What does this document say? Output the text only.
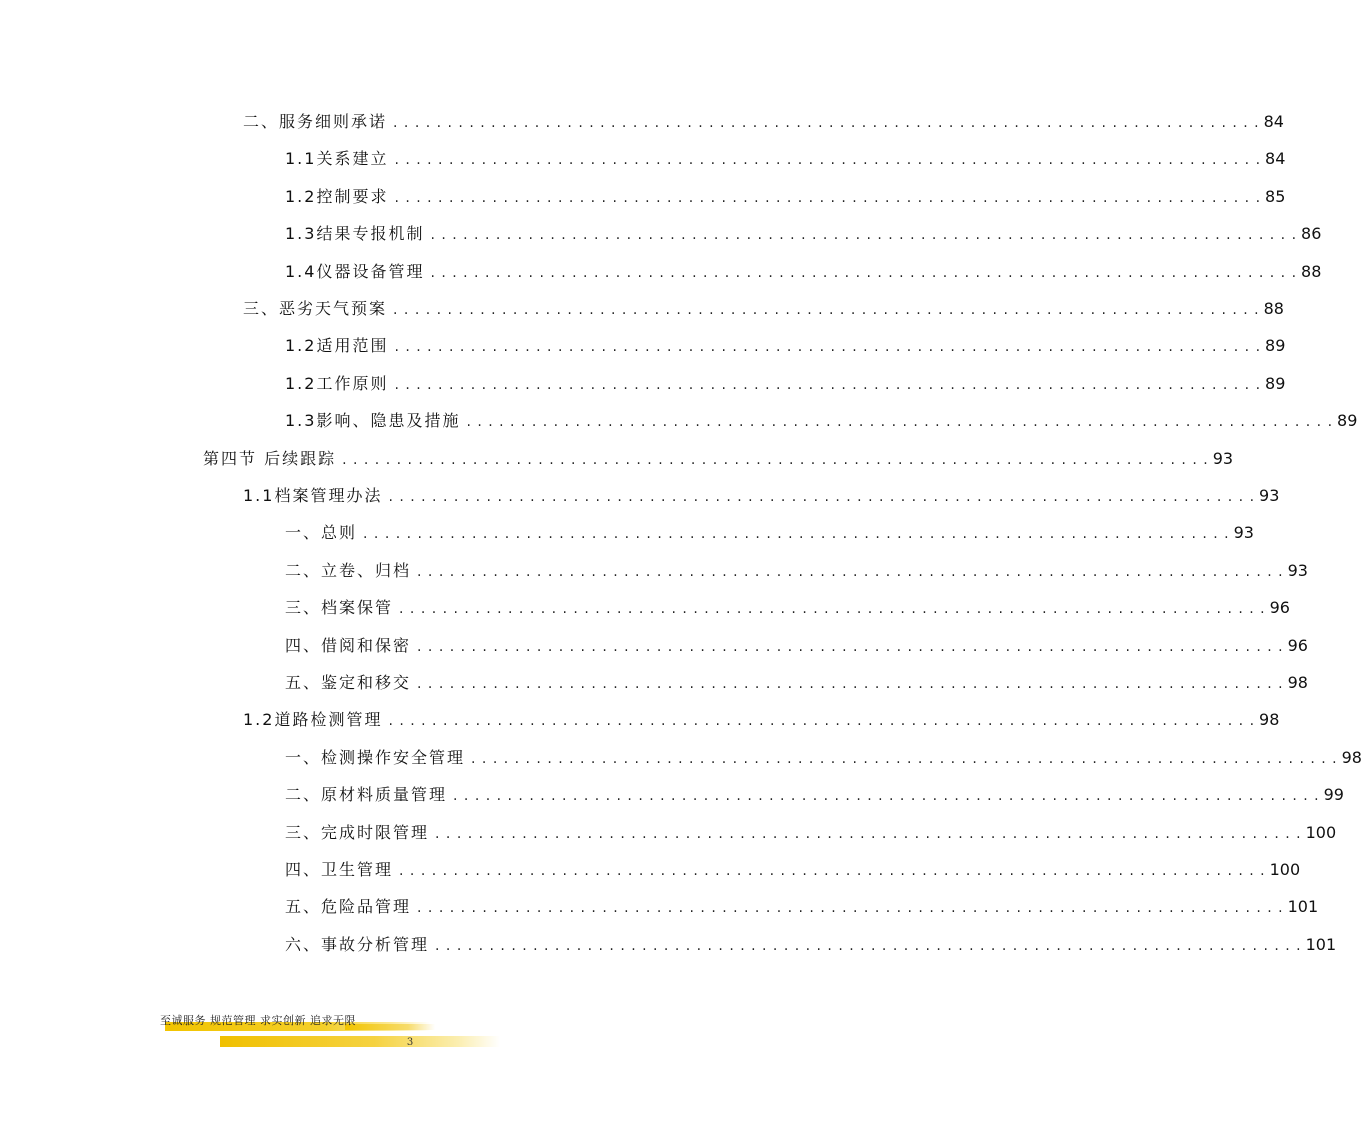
二、服务细则承诺 . . . . . . . . . . . . . . . . . . . . . . . . . . . . . . . . . . . . . . . . . . . . . . . . . . . . . . . . . . . . . . . . . . . . . . . . . . . . . . . . 84
1.1关系建立 . . . . . . . . . . . . . . . . . . . . . . . . . . . . . . . . . . . . . . . . . . . . . . . . . . . . . . . . . . . . . . . . . . . . . . . . . . . . . . . . 84
1.2控制要求 . . . . . . . . . . . . . . . . . . . . . . . . . . . . . . . . . . . . . . . . . . . . . . . . . . . . . . . . . . . . . . . . . . . . . . . . . . . . . . . . 85
1.3结果专报机制 . . . . . . . . . . . . . . . . . . . . . . . . . . . . . . . . . . . . . . . . . . . . . . . . . . . . . . . . . . . . . . . . . . . . . . . . . . . . . . . . 86
1.4仪器设备管理 . . . . . . . . . . . . . . . . . . . . . . . . . . . . . . . . . . . . . . . . . . . . . . . . . . . . . . . . . . . . . . . . . . . . . . . . . . . . . . . . 88
三、恶劣天气预案 . . . . . . . . . . . . . . . . . . . . . . . . . . . . . . . . . . . . . . . . . . . . . . . . . . . . . . . . . . . . . . . . . . . . . . . . . . . . . . . . 88
1.2适用范围 . . . . . . . . . . . . . . . . . . . . . . . . . . . . . . . . . . . . . . . . . . . . . . . . . . . . . . . . . . . . . . . . . . . . . . . . . . . . . . . . 89
1.2工作原则 . . . . . . . . . . . . . . . . . . . . . . . . . . . . . . . . . . . . . . . . . . . . . . . . . . . . . . . . . . . . . . . . . . . . . . . . . . . . . . . . 89
1.3影响、隐患及措施 . . . . . . . . . . . . . . . . . . . . . . . . . . . . . . . . . . . . . . . . . . . . . . . . . . . . . . . . . . . . . . . . . . . . . . . . . . . . . . . . 89
第四节 后续跟踪 . . . . . . . . . . . . . . . . . . . . . . . . . . . . . . . . . . . . . . . . . . . . . . . . . . . . . . . . . . . . . . . . . . . . . . . . . . . . . . . . 93
1.1档案管理办法 . . . . . . . . . . . . . . . . . . . . . . . . . . . . . . . . . . . . . . . . . . . . . . . . . . . . . . . . . . . . . . . . . . . . . . . . . . . . . . . . 93
一、总则 . . . . . . . . . . . . . . . . . . . . . . . . . . . . . . . . . . . . . . . . . . . . . . . . . . . . . . . . . . . . . . . . . . . . . . . . . . . . . . . . 93
二、立卷、归档 . . . . . . . . . . . . . . . . . . . . . . . . . . . . . . . . . . . . . . . . . . . . . . . . . . . . . . . . . . . . . . . . . . . . . . . . . . . . . . . . 93
三、档案保管 . . . . . . . . . . . . . . . . . . . . . . . . . . . . . . . . . . . . . . . . . . . . . . . . . . . . . . . . . . . . . . . . . . . . . . . . . . . . . . . . 96
四、借阅和保密 . . . . . . . . . . . . . . . . . . . . . . . . . . . . . . . . . . . . . . . . . . . . . . . . . . . . . . . . . . . . . . . . . . . . . . . . . . . . . . . . 96
五、鉴定和移交 . . . . . . . . . . . . . . . . . . . . . . . . . . . . . . . . . . . . . . . . . . . . . . . . . . . . . . . . . . . . . . . . . . . . . . . . . . . . . . . . 98
1.2道路检测管理 . . . . . . . . . . . . . . . . . . . . . . . . . . . . . . . . . . . . . . . . . . . . . . . . . . . . . . . . . . . . . . . . . . . . . . . . . . . . . . . . 98
一、检测操作安全管理 . . . . . . . . . . . . . . . . . . . . . . . . . . . . . . . . . . . . . . . . . . . . . . . . . . . . . . . . . . . . . . . . . . . . . . . . . . . . . . . . 98
二、原材料质量管理 . . . . . . . . . . . . . . . . . . . . . . . . . . . . . . . . . . . . . . . . . . . . . . . . . . . . . . . . . . . . . . . . . . . . . . . . . . . . . . . . 99
三、完成时限管理 . . . . . . . . . . . . . . . . . . . . . . . . . . . . . . . . . . . . . . . . . . . . . . . . . . . . . . . . . . . . . . . . . . . . . . . . . . . . . . . . 100
四、卫生管理 . . . . . . . . . . . . . . . . . . . . . . . . . . . . . . . . . . . . . . . . . . . . . . . . . . . . . . . . . . . . . . . . . . . . . . . . . . . . . . . . 100
五、危险品管理 . . . . . . . . . . . . . . . . . . . . . . . . . . . . . . . . . . . . . . . . . . . . . . . . . . . . . . . . . . . . . . . . . . . . . . . . . . . . . . . . 101
六、事故分析管理 . . . . . . . . . . . . . . . . . . . . . . . . . . . . . . . . . . . . . . . . . . . . . . . . . . . . . . . . . . . . . . . . . . . . . . . . . . . . . . . . 101
至诚服务 规范管理 求实创新 追求无限
3
